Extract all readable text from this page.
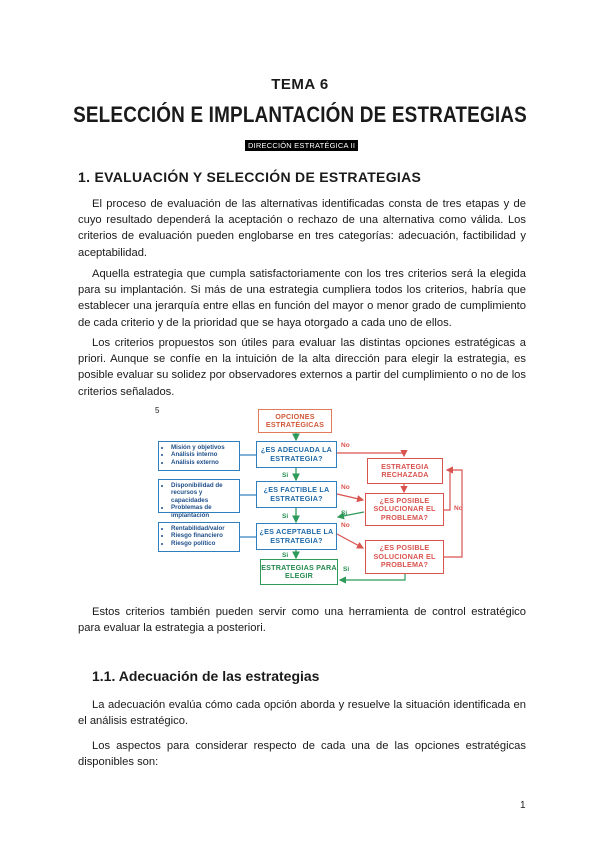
TEMA 6
SELECCIÓN E IMPLANTACIÓN DE ESTRATEGIAS
DIRECCIÓN ESTRATÉGICA II
1. EVALUACIÓN Y SELECCIÓN DE ESTRATEGIAS

El proceso de evaluación de las alternativas identificadas consta de tres etapas y de cuyo resultado dependerá la aceptación o rechazo de una alternativa como válida. Los criterios de evaluación pueden englobarse en tres categorías: adecuación, factibilidad y aceptabilidad.

Aquella estrategia que cumpla satisfactoriamente con los tres criterios será la elegida para su implantación. Si más de una estrategia cumpliera todos los criterios, habría que establecer una jerarquía entre ellas en función del mayor o menor grado de cumplimiento de cada criterio y de la prioridad que se haya otorgado a cada uno de ellos.

Los criterios propuestos son útiles para evaluar las distintas opciones estratégicas a priori. Aunque se confíe en la intuición de la alta dirección para elegir la estrategia, es posible evaluar su solidez por observadores externos a partir del cumplimiento o no de los criterios señalados.

5
OPCIONES ESTRATÉGICAS
¿ES ADECUADA LA ESTRATEGIA?
¿ES FACTIBLE LA ESTRATEGIA?
¿ES ACEPTABLE LA ESTRATEGIA?
ESTRATEGIAS PARA ELEGIR
ESTRATEGIA RECHAZADA
¿ES POSIBLE SOLUCIONAR EL PROBLEMA?
¿ES POSIBLE SOLUCIONAR EL PROBLEMA?
• Misión y objetivos
• Análisis interno
• Análisis externo
• Disponibilidad de recursos y capacidades
• Problemas de implantación
• Rentabilidad/valor
• Riesgo financiero
• Riesgo político
No
Si
No
Si
Si
No
Si
Si
No

Estos criterios también pueden servir como una herramienta de control estratégico para evaluar la estrategia a posteriori.

1.1. Adecuación de las estrategias

La adecuación evalúa cómo cada opción aborda y resuelve la situación identificada en el análisis estratégico.

Los aspectos para considerar respecto de cada una de las opciones estratégicas disponibles son:

1
